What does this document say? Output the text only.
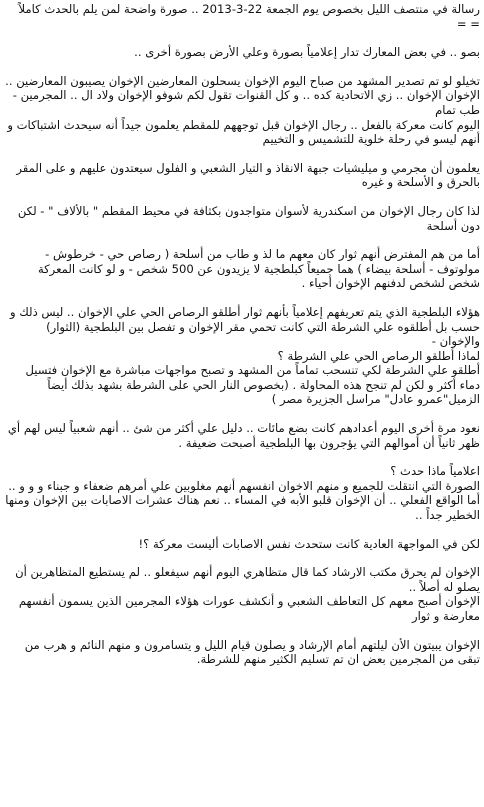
رسالة في منتصف الليل بخصوص يوم الجمعة 22-3-2013 .. صورة واضحة لمن يلم بالحدث كاملاً
= =
بصو .. في بعض المعارك تدار إعلامياً بصورة وعلي الأرض بصورة أخرى ..
تخيلو لو تم تصدير المشهد من صباح اليوم الإخوان يسحلون المعارضين الإخوان يصيبون المعارضين .. الإخوان الإخوان .. زي الاتحادية كده .. و كل القنوات تقول لكم شوفو الإخوان ولاد ال .. المجرمين - طب تمام
اليوم كانت معركة بالفعل .. رجال الإخوان قبل توجههم للمقطم يعلمون جيداً أنه سيحدث اشتباكات و أنهم ليسو في رحلة خلوية للتشميس و التخييم
يعلمون أن مجرمي و ميليشيات جبهة الانقاذ و التيار الشعبي و الفلول سيعتدون عليهم و على المقر بالحرق و الأسلحة و غيره
لذا كان رجال الإخوان من اسكندرية لأسوان متواجدون بكثافة في محيط المقطم " بالألاف " - لكن دون أسلحة
أما من هم المفترض أنهم ثوار كان معهم ما لذ و طاب من أسلحة ( رصاص حي - خرطوش - مولوتوف - أسلحة بيضاء ) هما جميعاً كبلطجية لا يزيدون عن 500 شخص - و لو كانت المعركة شخص لشخص لدفنهم الإخوان أحياء .
هؤلاء البلطجية الذي يتم تعريفهم إعلامياً بأنهم ثوار أطلقو الرصاص الحي علي الإخوان .. ليس ذلك و حسب بل أطلقوه علي الشرطة التي كانت تحمي مقر الإخوان و تفصل بين البلطجية (الثوار) والإخوان -
لماذا أطلقو الرصاص الحي علي الشرطة ؟
أطلقو علي الشرطة لكي تنسحب تماماً من المشهد و تصبح مواجهات مباشرة مع الإخوان فتسيل دماء أكثر و لكن لم تنجح هذه المحاولة . (بخصوص النار الحي على الشرطة بشهد بذلك أيضاً الزميل"عمرو عادل" مراسل الجزيرة مصر )
نعود مرة أخرى اليوم أعدادهم كانت بضع مائات .. دليل علي أكثر من شئ .. أنهم شعبياً ليس لهم أي ظهر ثانياً أن أموالهم التي يؤجرون بها البلطجية أصبحت ضعيفة .
اعلامياً ماذا حدث ؟
الصورة التي انتقلت للجميع و منهم الاخوان انفسهم أنهم مغلوبين علي أمرهم ضعفاء و جبناء و و و ..
أما الواقع الفعلي .. أن الإخوان قلبو الأبه في المساء .. نعم هناك عشرات الاصابات بين الإخوان ومنها الخطير جداً ..
لكن في المواجهة العادية كانت ستحدث نفس الاصابات أليست معركة ؟!
الإخوان لم يحرق مكتب الارشاد كما قال متظاهري اليوم أنهم سيفعلو .. لم يستطيع المتظاهرين أن يصلو له أصلاً ..
الإخوان أصبح معهم كل التعاطف الشعبي و أنكشف عورات هؤلاء المجرمين الذين يسمون أنفسهم معارضة و ثوار
الإخوان يبيتون الأن ليلتهم أمام الإرشاد و يصلون قيام الليل و يتسامرون و منهم النائم و هرب من تبقى من المجرمين بعض ان تم تسليم الكثير منهم للشرطة.
